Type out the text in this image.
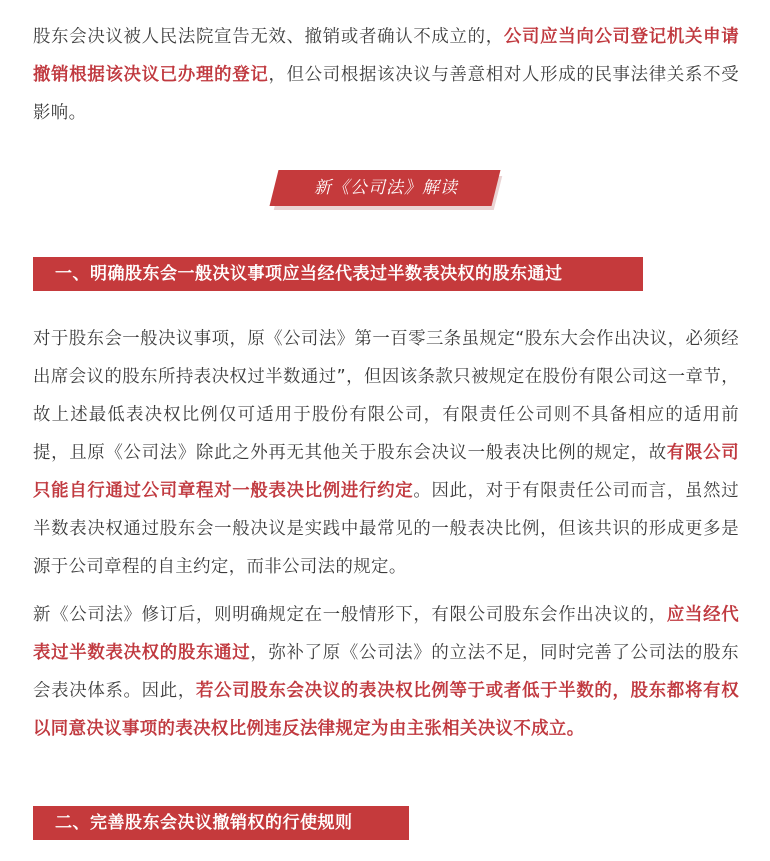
股东会决议被人民法院宣告无效、撤销或者确认不成立的，公司应当向公司登记机关申请撤销根据该决议已办理的登记，但公司根据该决议与善意相对人形成的民事法律关系不受影响。

新《公司法》解读
一、明确股东会一般决议事项应当经代表过半数表决权的股东通过

对于股东会一般决议事项，原《公司法》第一百零三条虽规定“股东大会作出决议，必须经出席会议的股东所持表决权过半数通过”，但因该条款只被规定在股份有限公司这一章节，故上述最低表决权比例仅可适用于股份有限公司，有限责任公司则不具备相应的适用前提，且原《公司法》除此之外再无其他关于股东会决议一般表决比例的规定，故有限公司只能自行通过公司章程对一般表决比例进行约定。因此，对于有限责任公司而言，虽然过半数表决权通过股东会一般决议是实践中最常见的一般表决比例，但该共识的形成更多是源于公司章程的自主约定，而非公司法的规定。

新《公司法》修订后，则明确规定在一般情形下，有限公司股东会作出决议的，应当经代表过半数表决权的股东通过，弥补了原《公司法》的立法不足，同时完善了公司法的股东会表决体系。因此，若公司股东会决议的表决权比例等于或者低于半数的，股东都将有权以同意决议事项的表决权比例违反法律规定为由主张相关决议不成立。

二、完善股东会决议撤销权的行使规则
